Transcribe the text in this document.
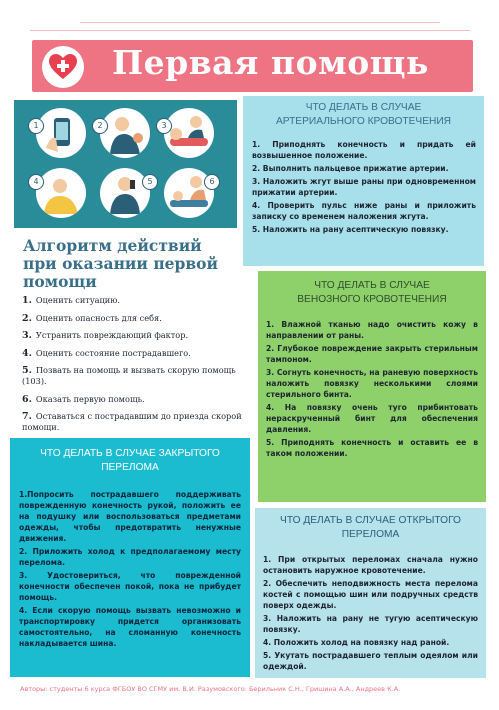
Первая помощь
1	2	3
4	5	6
Алгоритм действий при оказании первой помощи
1. Оценить ситуацию.
2. Оценить опасность для себя.
3. Устранить повреждающий фактор.
4. Оценить состояние пострадавшего.
5. Позвать на помощь и вызвать скорую помощь (103).
6. Оказать первую помощь.
7. Оставаться с пострадавшим до приезда скорой помощи.
ЧТО ДЕЛАТЬ В СЛУЧАЕ АРТЕРИАЛЬНОГО КРОВОТЕЧЕНИЯ

1. Приподнять конечность и придать ей возвышенное положение.

2. Выполнить пальцевое прижатие артерии.

3. Наложить жгут выше раны при одновременном прижатии артерии.

4. Проверить пульс ниже раны и приложить записку со временем наложения жгута.

5. Наложить на рану асептическую повязку.

ЧТО ДЕЛАТЬ В СЛУЧАЕ ВЕНОЗНОГО КРОВОТЕЧЕНИЯ

1. Влажной тканью надо очистить кожу в направлении от раны.

2. Глубокое повреждение закрыть стерильным тампоном.

3. Согнуть конечность, на раневую поверхность наложить повязку несколькими слоями стерильного бинта.

4. На повязку очень туго прибинтовать нераскрученный бинт для обеспечения давления.

5. Приподнять конечность и оставить ее в таком положении.

ЧТО ДЕЛАТЬ В СЛУЧАЕ ЗАКРЫТОГО ПЕРЕЛОМА

1.Попросить пострадавшего поддерживать поврежденную конечность рукой, положить ее на подушку или воспользоваться предметами одежды, чтобы предотвратить ненужные движения.

2. Приложить холод к предполагаемому месту перелома.

3. Удостовериться, что поврежденной конечности обеспечен покой, пока не прибудет помощь.

4. Если скорую помощь вызвать невозможно и транспортировку придется организовать самостоятельно, на сломанную конечность накладывается шина.

ЧТО ДЕЛАТЬ В СЛУЧАЕ ОТКРЫТОГО ПЕРЕЛОМА

1. При открытых переломах сначала нужно остановить наружное кровотечение.

2. Обеспечить неподвижность места перелома костей с помощью шин или подручных средств поверх одежды.

3. Наложить на рану не тугую асептическую повязку.

4. Положить холод на повязку над раной.

5. Укутать пострадавшего теплым одеялом или одеждой.

Авторы: студенты 6 курса ФГБОУ ВО СГМУ им. В.И. Разумовского: Берильник С.Н., Гришина А.А., Андреев К.А.
